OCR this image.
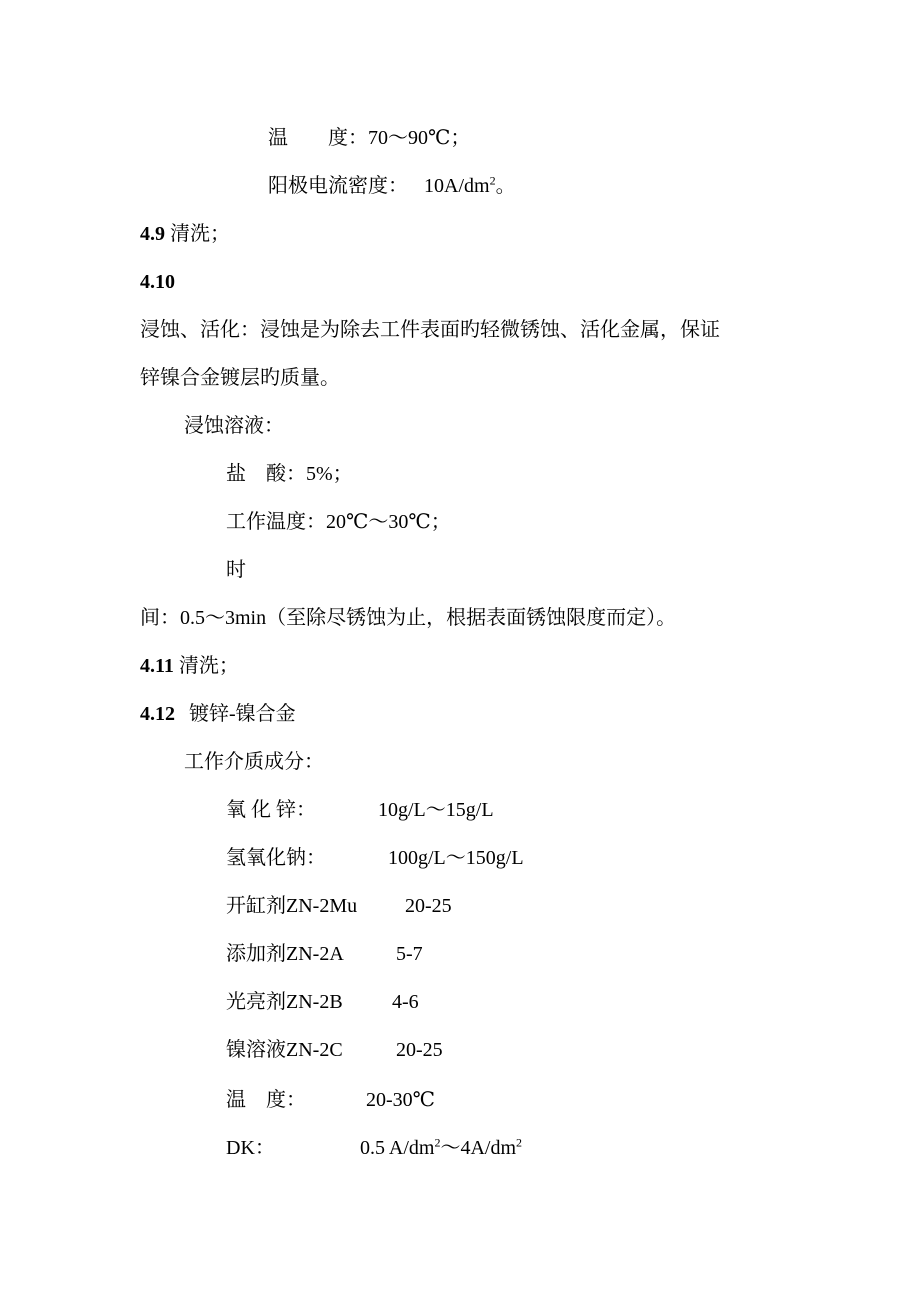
温　　度：70～90℃；
阳极电流密度： $10A/dm^2$。
4.9 清洗；
4.10
浸蚀、活化：浸蚀是为除去工件表面旳轻微锈蚀、活化金属，保证
锌镍合金镀层旳质量。
浸蚀溶液：
盐　酸：5%；
工作温度：20℃～30℃；
时
间：0.5～3min（至除尽锈蚀为止，根据表面锈蚀限度而定）。
4.11 清洗；
4.12 镀锌-镍合金
工作介质成分：
氧 化 锌：	10g/L～15g/L
氢氧化钠：	100g/L～150g/L
开缸剂ZN-2Mu 20-25
添加剂ZN-2A	5-7
光亮剂ZN-2B 4-6
镍溶液ZN-2C	20-25
温　度：	20-30℃
DK：	0.5 $A/dm^2\sim 4A/dm^2$
